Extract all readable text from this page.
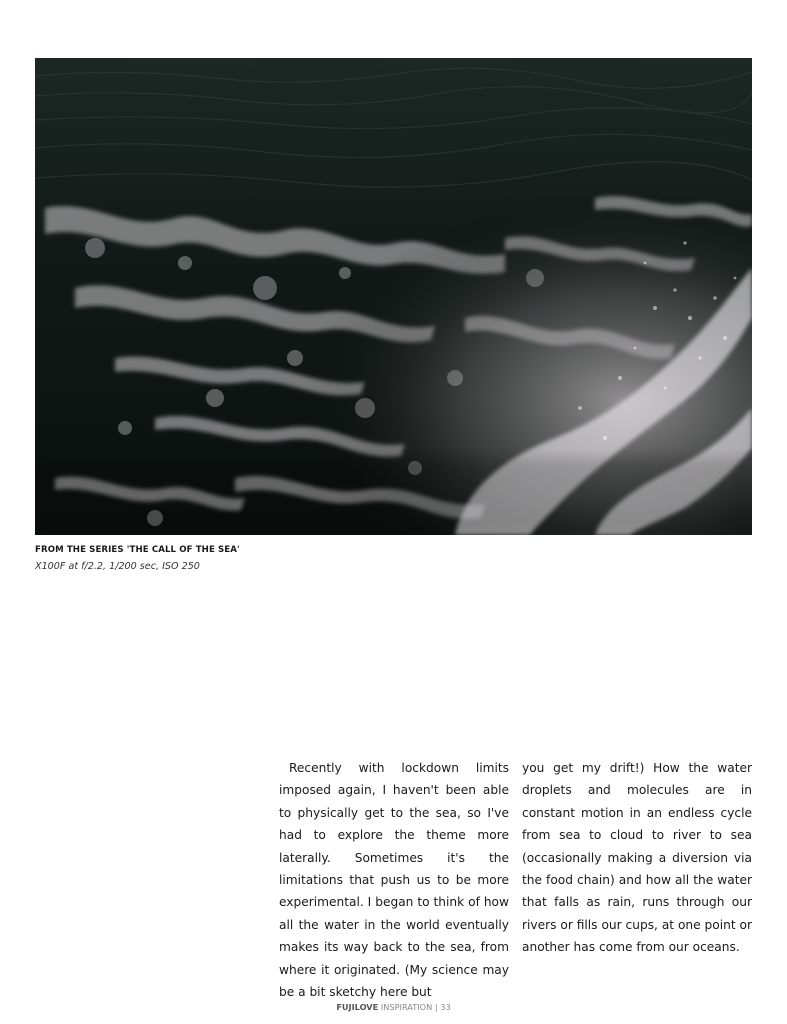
FROM THE SERIES 'THE CALL OF THE SEA'
X100F at f/2.2, 1/200 sec, ISO 250

Recently with lockdown limits imposed again, I haven't been able to physically get to the sea, so I've had to explore the theme more laterally. Sometimes it's the limitations that push us to be more experimental. I began to think of how all the water in the world eventually makes its way back to the sea, from where it originated. (My science may be a bit sketchy here but

you get my drift!) How the water droplets and molecules are in constant motion in an endless cycle from sea to cloud to river to sea (occasionally making a diversion via the food chain) and how all the water that falls as rain, runs through our rivers or fills our cups, at one point or another has come from our oceans.

FUJILOVE INSPIRATION | 33
